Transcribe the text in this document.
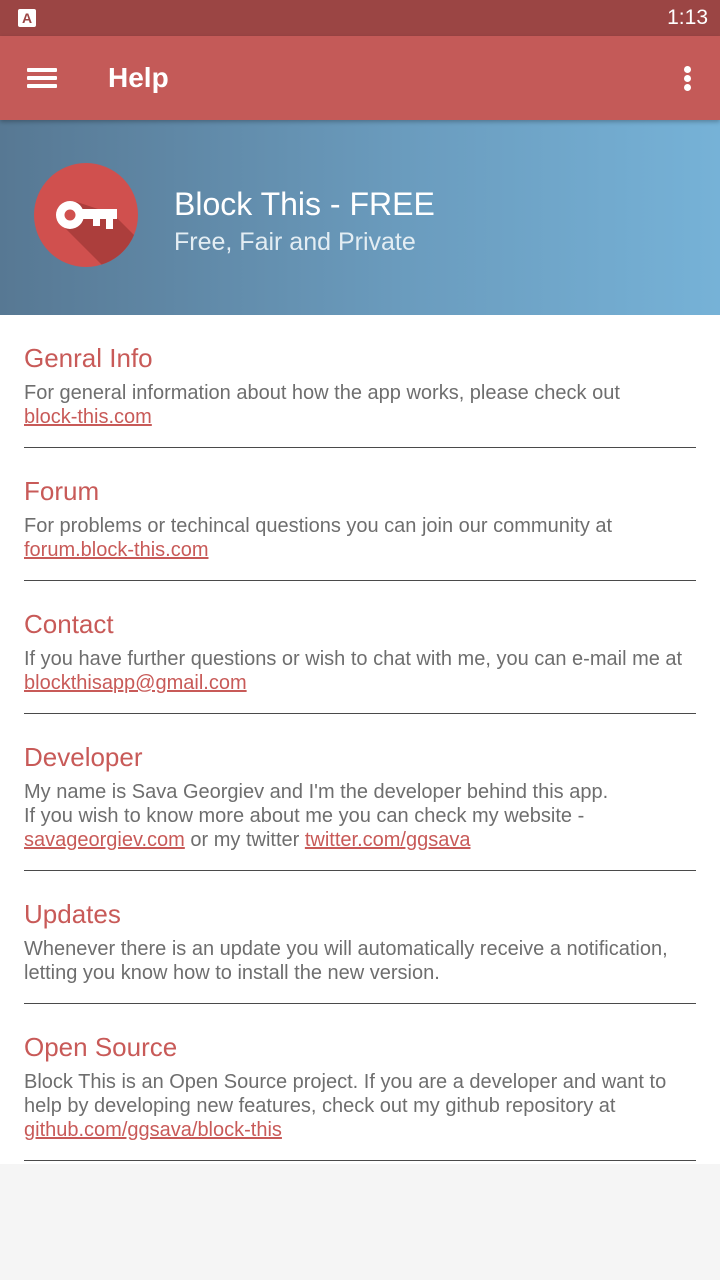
A	1:13
Help
Block This - FREE
Free, Fair and Private
Genral Info

For general information about how the app works, please check out
block-this.com

Forum

For problems or techincal questions you can join our community at
forum.block-this.com

Contact

If you have further questions or wish to chat with me, you can e-mail me at blockthisapp@gmail.com

Developer

My name is Sava Georgiev and I'm the developer behind this app.
If you wish to know more about me you can check my website -
savageorgiev.com or my twitter twitter.com/ggsava

Updates

Whenever there is an update you will automatically receive a notification, letting you know how to install the new version.

Open Source

Block This is an Open Source project. If you are a developer and want to help by developing new features, check out my github repository at
github.com/ggsava/block-this
